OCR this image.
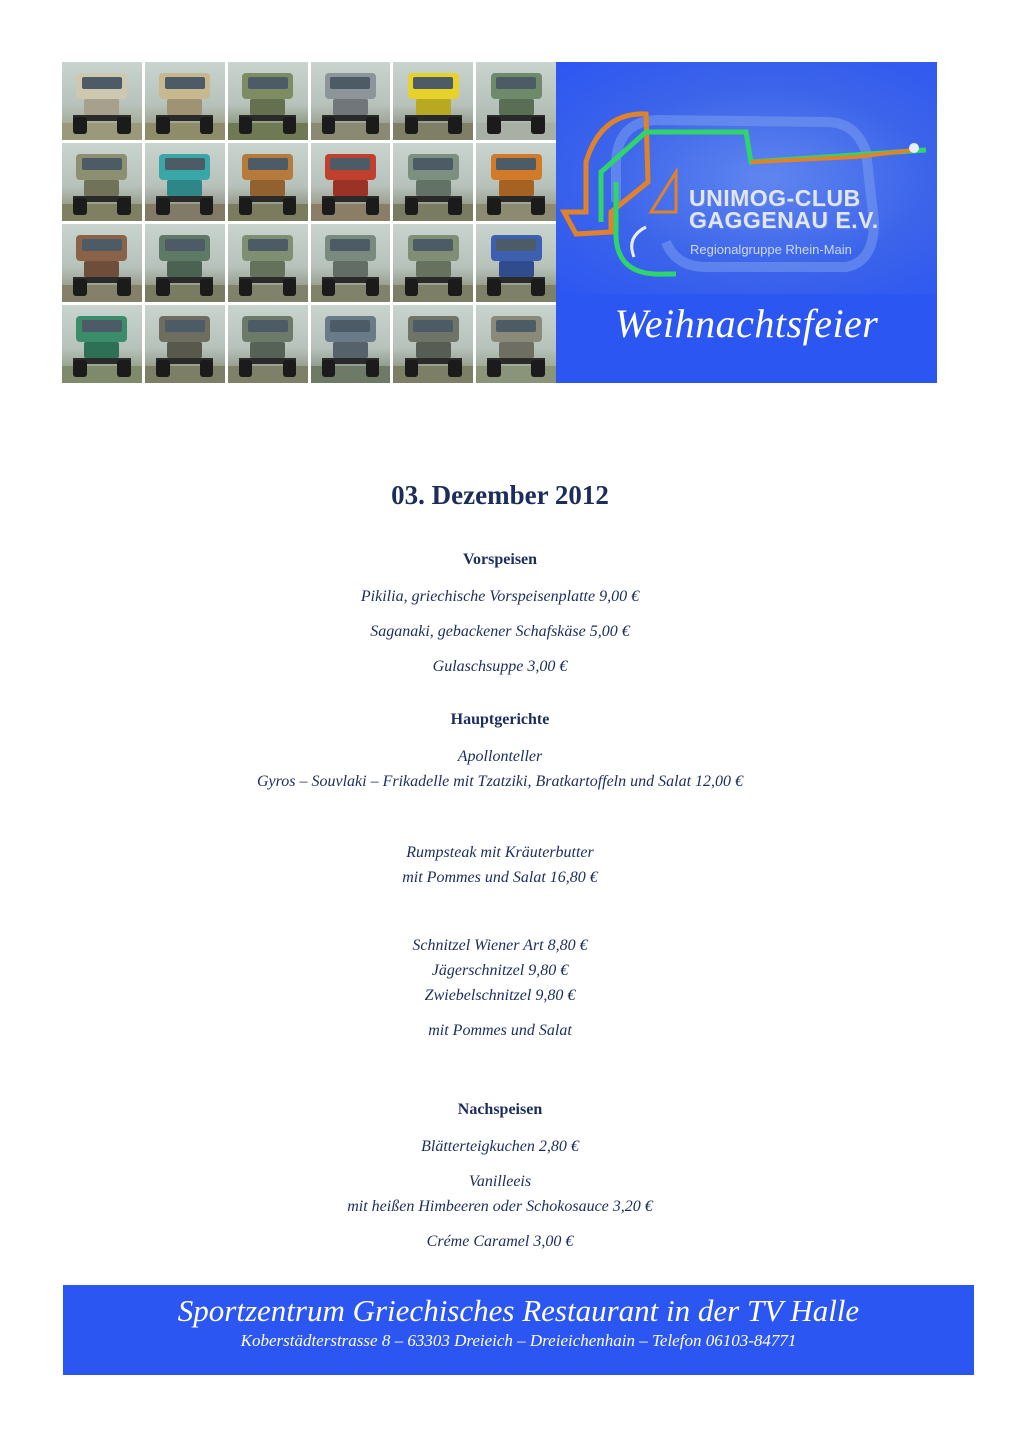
UNIMOG-CLUB
GAGGENAU E.V.
Regionalgruppe Rhein-Main
Weihnachtsfeier
03. Dezember 2012
Vorspeisen
Pikilia, griechische Vorspeisenplatte 9,00 €
Saganaki, gebackener Schafskäse 5,00 €
Gulaschsuppe 3,00 €
Hauptgerichte
Apollonteller
Gyros – Souvlaki – Frikadelle mit Tzatziki, Bratkartoffeln und Salat 12,00 €
Rumpsteak mit Kräuterbutter
mit Pommes und Salat 16,80 €
Schnitzel Wiener Art 8,80 €
Jägerschnitzel 9,80 €
Zwiebelschnitzel 9,80 €
mit Pommes und Salat
Nachspeisen
Blätterteigkuchen 2,80 €
Vanilleeis
mit heißen Himbeeren oder Schokosauce 3,20 €
Créme Caramel 3,00 €
Sportzentrum Griechisches Restaurant in der TV Halle
Koberstädterstrasse 8 – 63303 Dreieich – Dreieichenhain – Telefon 06103-84771
